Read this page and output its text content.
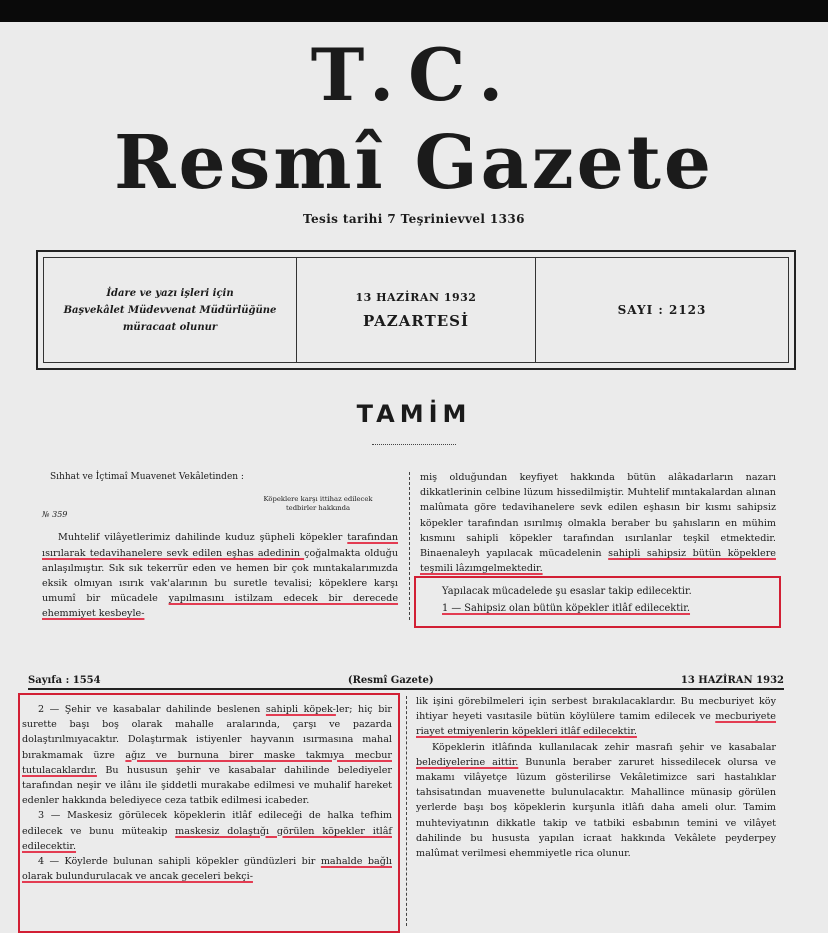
T.C.
Resmî Gazete
Tesis tarihi 7 Teşrinievvel 1336
İdare ve yazı işleri için
Başvekâlet Müdevvenat Müdürlüğüne
müracaat olunur
13 HAZİRAN 1932
PAZARTESİ
SAYI : 2123
TAMİM
Sıhhat ve İçtimaî Muavenet Vekâletinden :
№ 359
Köpeklere karşı ittihaz edilecek
tedbirler hakkında

Muhtelif vilâyetlerimiz dahilinde kuduz şüpheli köpekler tarafından ısırılarak tedavihanelere sevk edilen eşhas adedinin çoğalmakta olduğu anlaşılmıştır. Sık sık tekerrür eden ve hemen bir çok mıntakalarımızda eksik olmıyan ısırık vak'alarının bu suretle tevalisi; köpeklere karşı umumî bir mücadele yapılmasını istilzam edecek bir derecede ehemmiyet kesbeyle-

miş olduğundan keyfiyet hakkında bütün alâkadarların nazarı dikkatlerinin celbine lüzum hissedilmiştir. Muhtelif mıntakalardan alınan malûmata göre tedavihanelere sevk edilen eşhasın bir kısmı sahipsiz köpekler tarafından ısırılmış olmakla beraber bu şahısların en mühim kısmını sahipli köpekler tarafından ısırılanlar teşkil etmektedir. Binaenaleyh yapılacak mücadelenin sahipli sahipsiz bütün köpeklere teşmili lâzımgelmektedir.

Yapılacak mücadelede şu esaslar takip edilecektir.
1 — Sahipsiz olan bütün köpekler itlâf edilecektir.
Sayıfa : 1554	(Resmî Gazete)	13 HAZİRAN 1932

2 — Şehir ve kasabalar dahilinde beslenen sahipli köpek-ler; hiç bir surette başı boş olarak mahalle aralarında, çarşı ve pazarda dolaştırılmıyacaktır. Dolaştırmak istiyenler hayvanın ısırmasına mahal bırakmamak üzre ağız ve burnuna birer maske takmıya mecbur tutulacaklardır. Bu hususun şehir ve kasabalar dahilinde belediyeler tarafından neşir ve ilânı ile şiddetli murakabe edilmesi ve muhalif hareket edenler hakkında belediyece ceza tatbik edilmesi icabeder.

3 — Maskesiz görülecek köpeklerin itlâf edileceği de halka tefhim edilecek ve bunu müteakip maskesiz dolaştığı görülen köpekler itlâf edilecektir.

4 — Köylerde bulunan sahipli köpekler gündüzleri bir mahalde bağlı olarak bulundurulacak ve ancak geceleri bekçi-

lik işini görebilmeleri için serbest bırakılacaklardır. Bu mecburiyet köy ihtiyar heyeti vasıtasile bütün köylülere tamim edilecek ve mecburiyete riayet etmiyenlerin köpekleri itlâf edilecektir.

Köpeklerin itlâfında kullanılacak zehir masrafı şehir ve kasabalar belediyelerine aittir. Bununla beraber zaruret hissedilecek olursa ve makamı vilâyetçe lüzum gösterilirse Vekâletimizce sari hastalıklar tahsisatından muavenette bulunulacaktır. Mahallince münasip görülen yerlerde başı boş köpeklerin kurşunla itlâfı daha ameli olur. Tamim muhteviyatının dikkatle takip ve tatbiki esbabının temini ve vilâyet dahilinde bu hususta yapılan icraat hakkında Vekâlete peyderpey malûmat verilmesi ehemmiyetle rica olunur.
